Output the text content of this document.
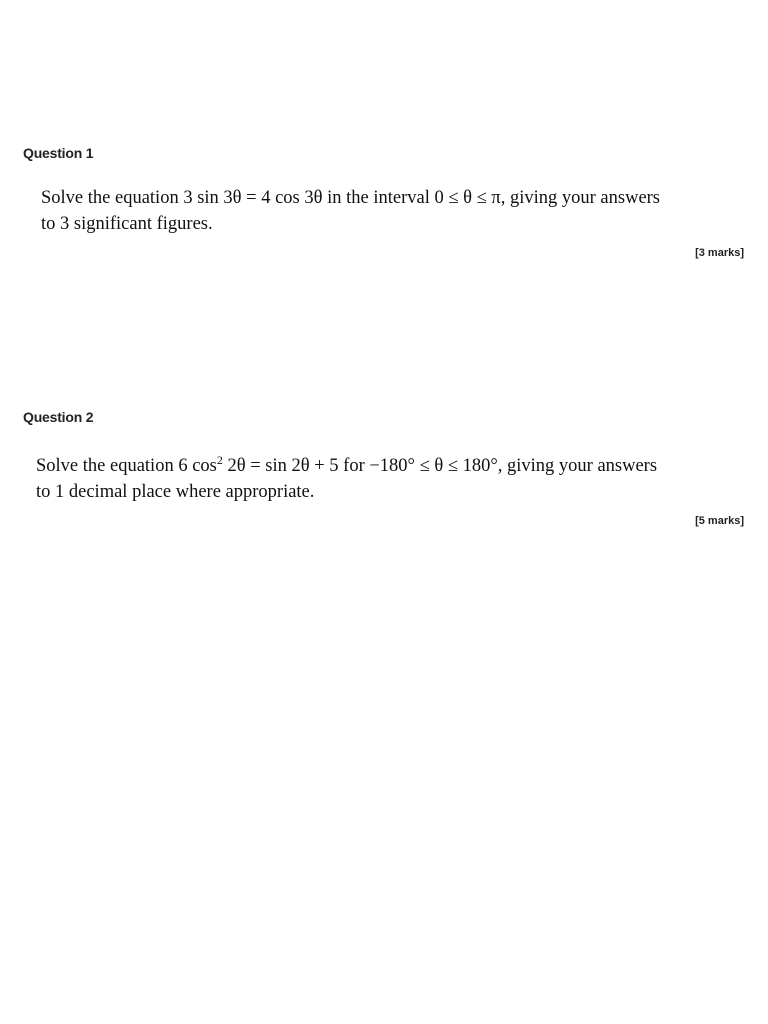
Question 1
Solve the equation 3 sin 3θ = 4 cos 3θ in the interval 0 ≤ θ ≤ π, giving your answers
to 3 significant figures.
[3 marks]
Question 2
Solve the equation 6 $\cos^2 2\theta = \sin 2\theta + 5$ for −180° ≤ θ ≤ 180°, giving your answers
to 1 decimal place where appropriate.
[5 marks]
